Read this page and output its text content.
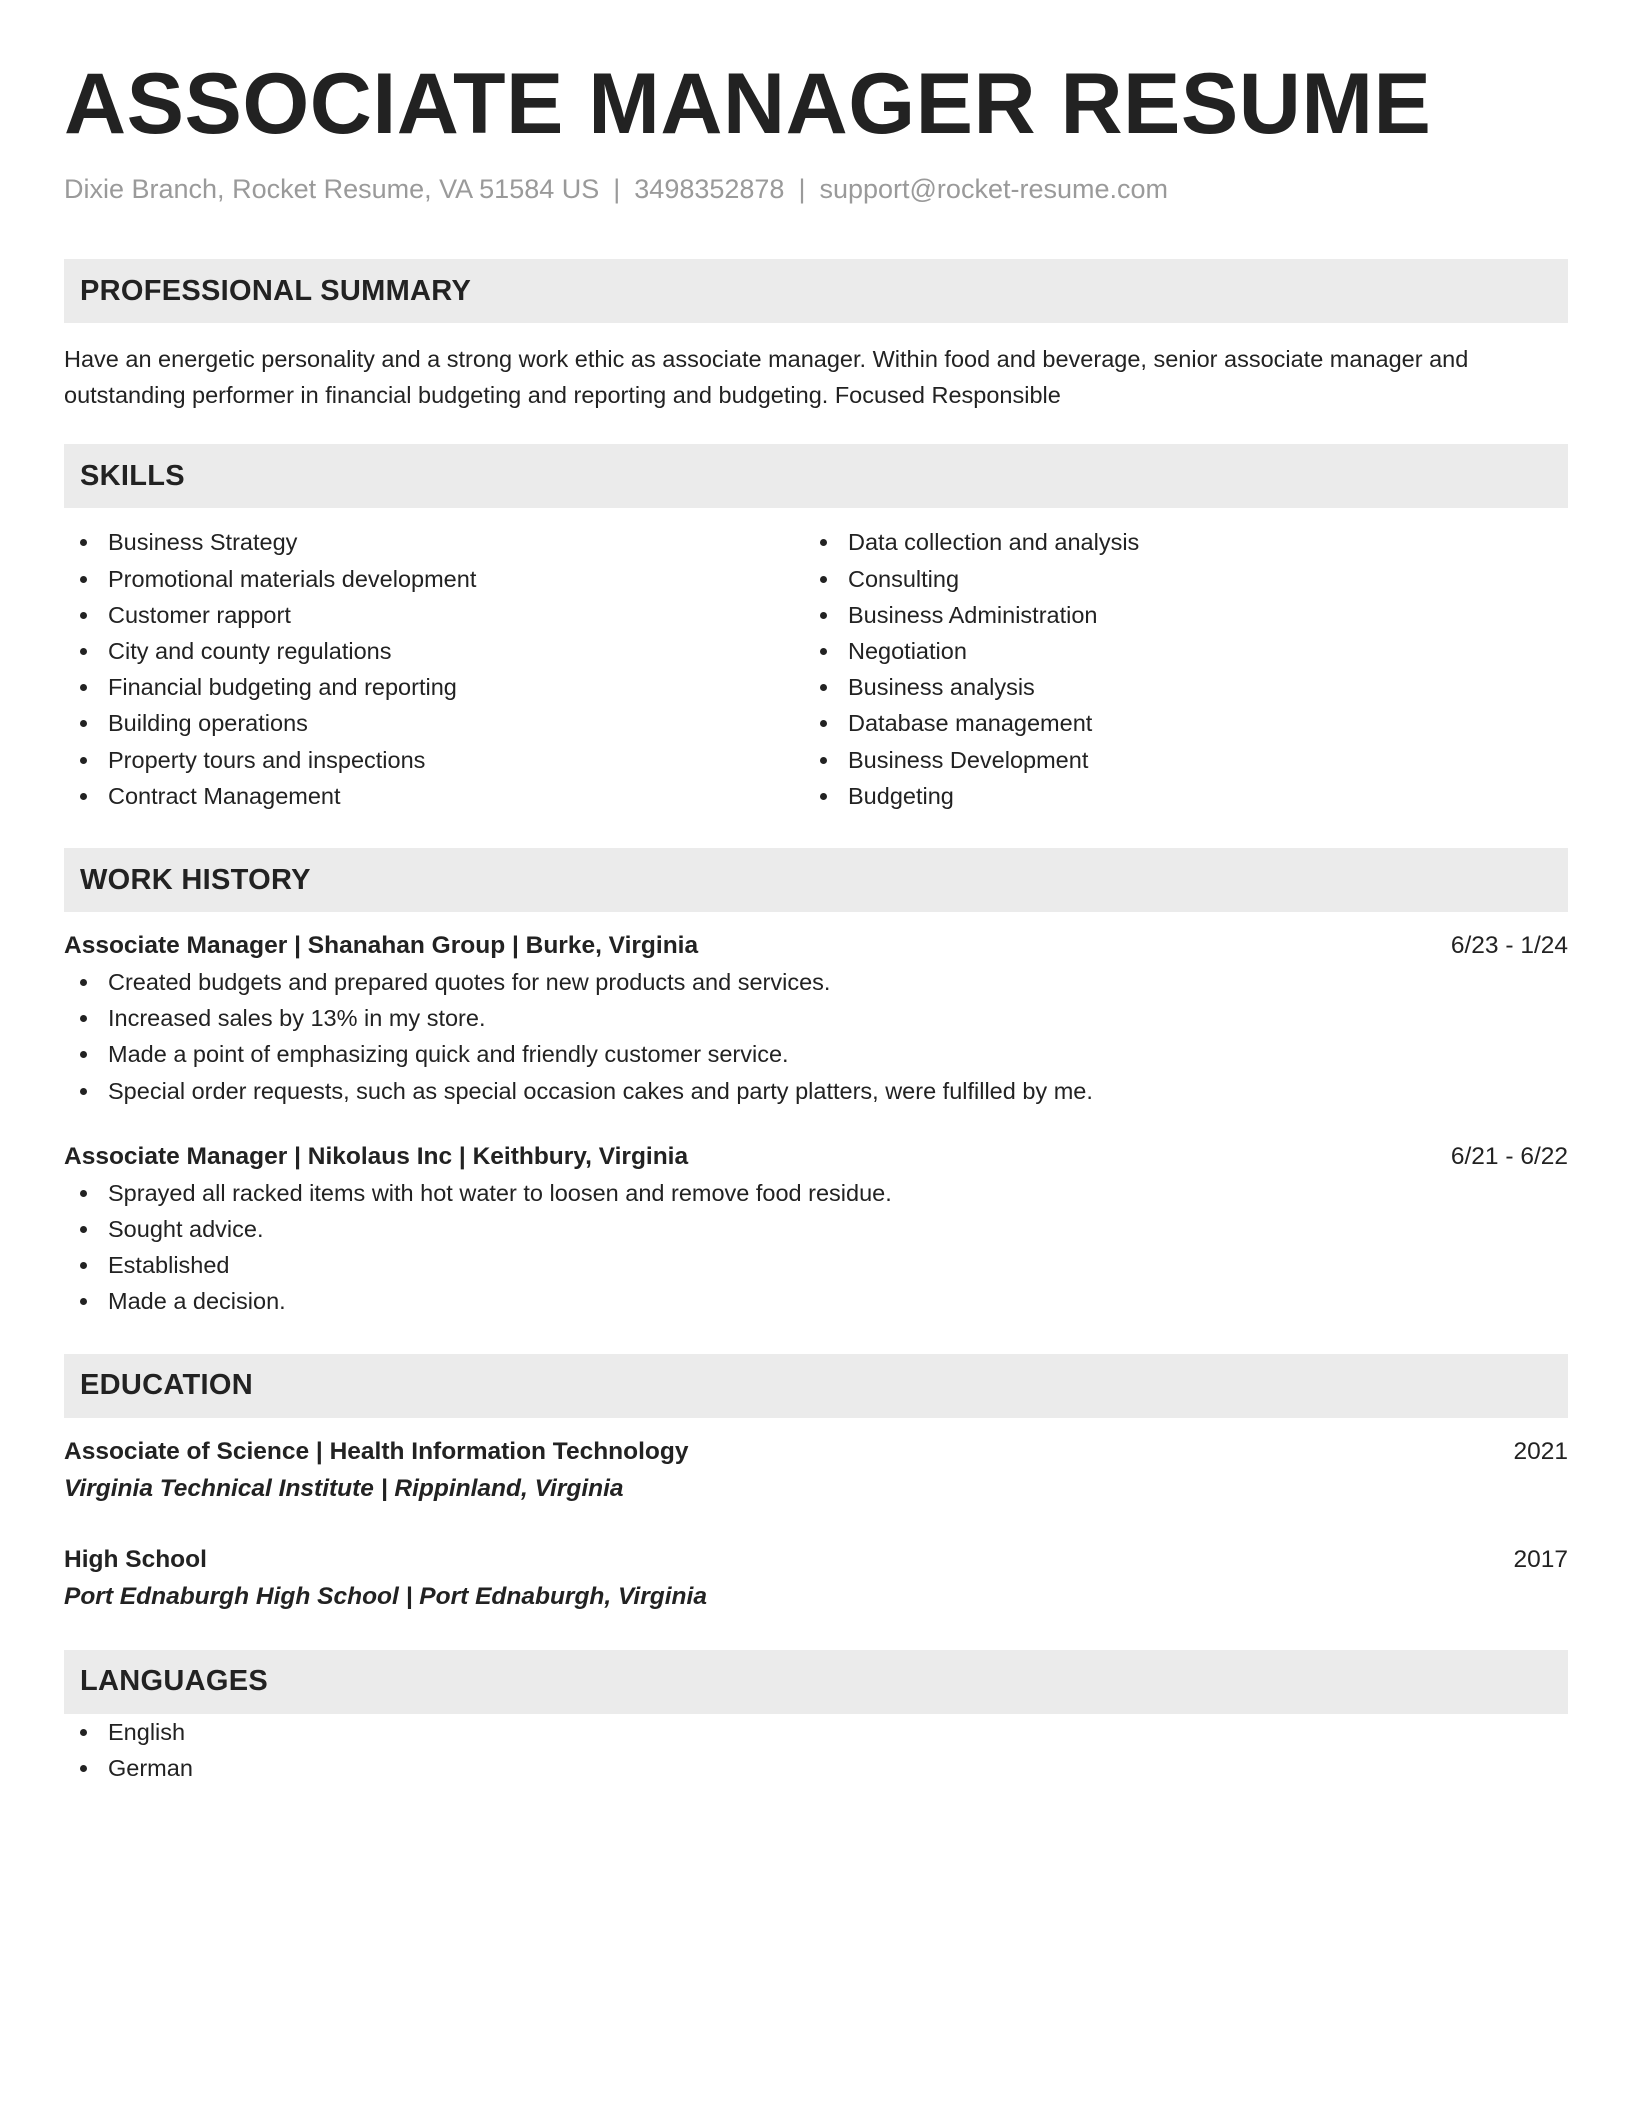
ASSOCIATE MANAGER RESUME
Dixie Branch, Rocket Resume, VA 51584 US | 3498352878 | support@rocket-resume.com
PROFESSIONAL SUMMARY
Have an energetic personality and a strong work ethic as associate manager. Within food and beverage, senior associate manager and outstanding performer in financial budgeting and reporting and budgeting. Focused Responsible
SKILLS
Business Strategy
Promotional materials development
Customer rapport
City and county regulations
Financial budgeting and reporting
Building operations
Property tours and inspections
Contract Management
Data collection and analysis
Consulting
Business Administration
Negotiation
Business analysis
Database management
Business Development
Budgeting
WORK HISTORY
Associate Manager | Shanahan Group | Burke, Virginia	6/23 - 1/24
Created budgets and prepared quotes for new products and services.
Increased sales by 13% in my store.
Made a point of emphasizing quick and friendly customer service.
Special order requests, such as special occasion cakes and party platters, were fulfilled by me.
Associate Manager | Nikolaus Inc | Keithbury, Virginia	6/21 - 6/22
Sprayed all racked items with hot water to loosen and remove food residue.
Sought advice.
Established
Made a decision.
EDUCATION
Associate of Science | Health Information Technology	2021
Virginia Technical Institute | Rippinland, Virginia
High School	2017
Port Ednaburgh High School | Port Ednaburgh, Virginia
LANGUAGES
English
German
